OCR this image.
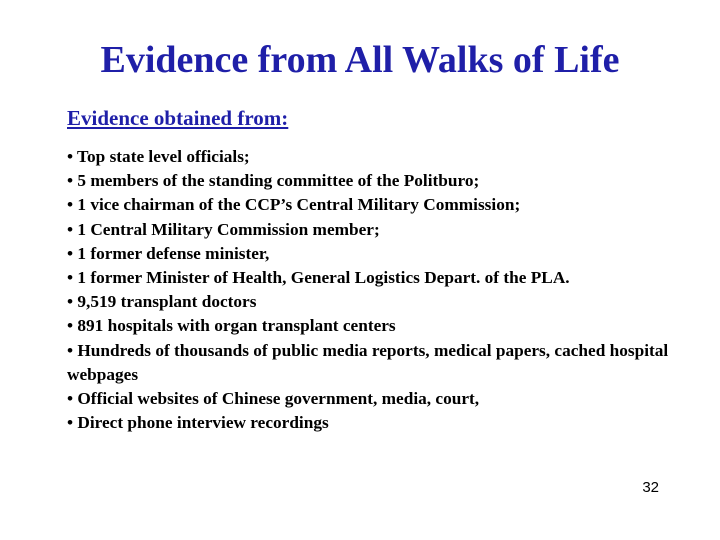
Evidence from All Walks of Life
Evidence obtained from:
• Top state level officials;
• 5 members of the standing committee of the Politburo;
• 1 vice chairman of the CCP’s Central Military Commission;
• 1 Central Military Commission member;
• 1 former defense minister,
• 1 former Minister of Health, General Logistics Depart. of the PLA.
• 9,519 transplant doctors
• 891 hospitals with organ transplant centers
• Hundreds of thousands of public media reports, medical papers, cached hospital webpages
• Official websites of Chinese government, media, court,
• Direct phone interview recordings
32
